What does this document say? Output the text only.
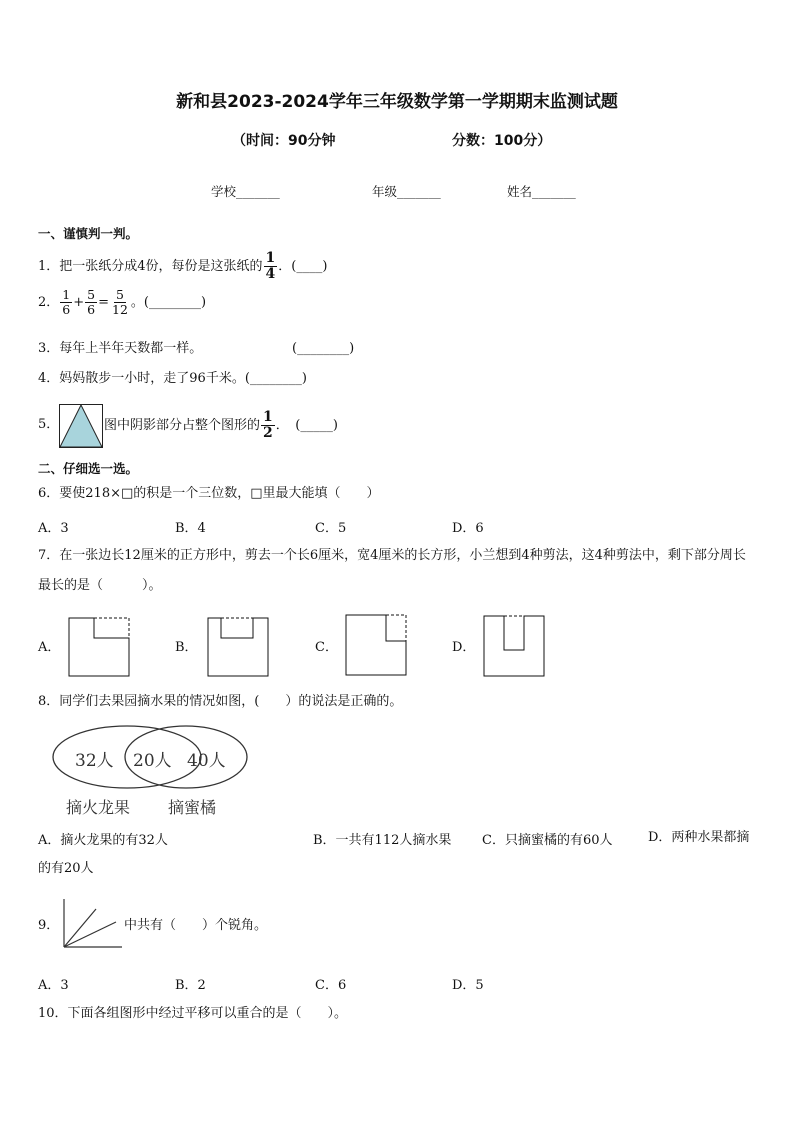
新和县2023-2024学年三年级数学第一学期期末监测试题
（时间：90分钟	分数：100分）
学校_______	年级_______	姓名_______
一、谨慎判一判。
1．把一张纸分成4份，每份是这张纸的 $\frac{1}{4}$ ．(____)
2． $\frac{1}{6} + \frac{5}{6} = \frac{5}{12}$ 。(________)
3．每年上半年天数都一样。	(________)
4．妈妈散步一小时，走了96千米。(________)
5．	图中阴影部分占整个图形的 $\frac{1}{2}$ ．　(_____)
二、仔细选一选。
6．要使218×□的积是一个三位数，□里最大能填（　　）
A．3	B．4	C．5	D．6
7．在一张边长12厘米的正方形中，剪去一个长6厘米，宽4厘米的长方形，小兰想到4种剪法，这4种剪法中，剩下部分周长最长的是（　　　）。
A．	B．	C．	D．
8．同学们去果园摘水果的情况如图，(　　）的说法是正确的。
32人 20人 40人
摘火龙果 摘蜜橘
A．摘火龙果的有32人	B．一共有112人摘水果 C．只摘蜜橘的有60人	D．两种水果都摘的有20人
9．	中共有（　　）个锐角。
A．3	B．2	C．6	D．5
10．下面各组图形中经过平移可以重合的是（　　）。
